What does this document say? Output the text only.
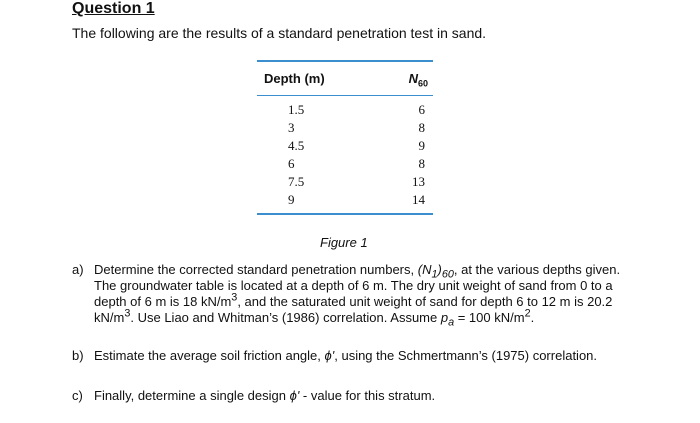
Question 1
The following are the results of a standard penetration test in sand.
Depth (m)	$N_{60}$
1.5	6
3	8
4.5	9
6	8
7.5	13
9	14
Figure 1
a) Determine the corrected standard penetration numbers, $(N_1)_{60}$, at the various depths given. The groundwater table is located at a depth of 6 m. The dry unit weight of sand from 0 to a depth of 6 m is 18 $kN/m^3$, and the saturated unit weight of sand for depth 6 to 12 m is 20.2 $kN/m^3$. Use Liao and Whitman’s (1986) correlation. Assume $p_a = 100$ $kN/m^2$.
b) Estimate the average soil friction angle, ϕ', using the Schmertmann’s (1975) correlation.
c) Finally, determine a single design ϕ' - value for this stratum.
